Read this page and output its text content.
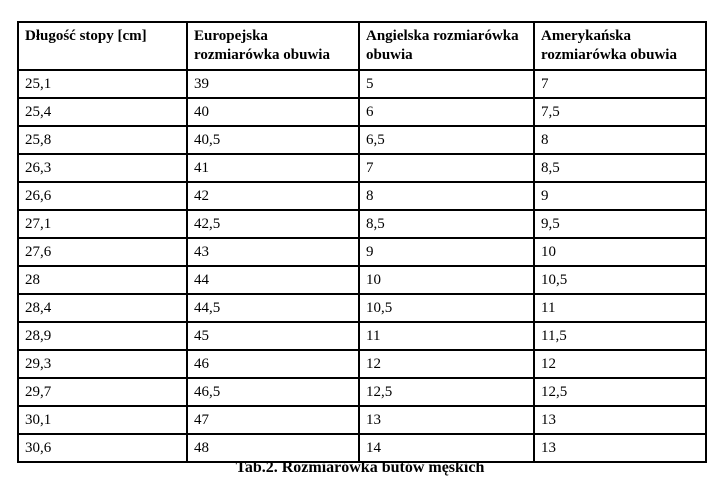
Długość stopy [cm]	Europejska rozmiarówka obuwia	Angielska rozmiarówka obuwia	Amerykańska rozmiarówka obuwia
25,1	39	5	7
25,4	40	6	7,5
25,8	40,5	6,5	8
26,3	41	7	8,5
26,6	42	8	9
27,1	42,5	8,5	9,5
27,6	43	9	10
28	44	10	10,5
28,4	44,5	10,5	11
28,9	45	11	11,5
29,3	46	12	12
29,7	46,5	12,5	12,5
30,1	47	13	13
30,6	48	14	13
Tab.2. Rozmiarówka butów męskich
